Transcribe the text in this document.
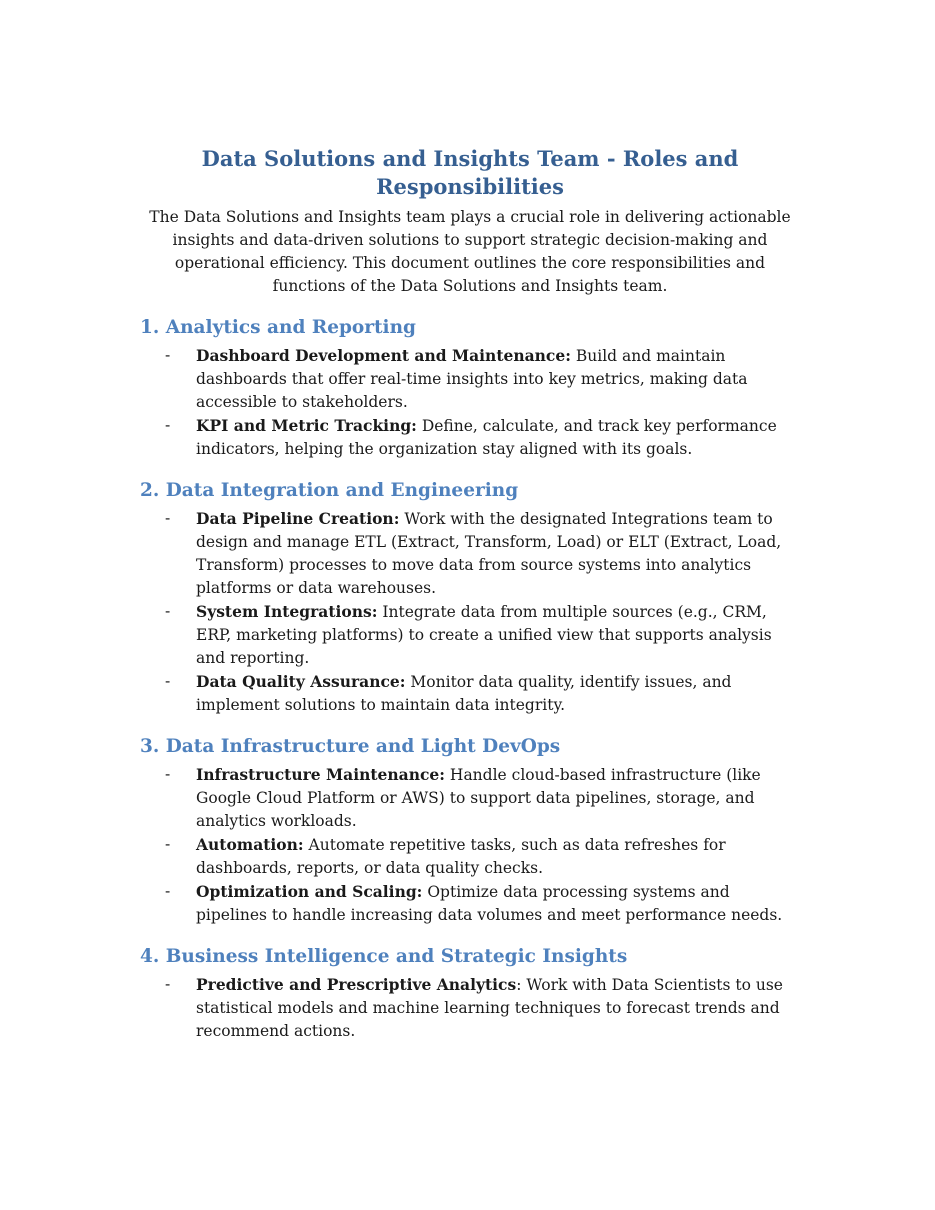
Data Solutions and Insights Team - Roles and Responsibilities

The Data Solutions and Insights team plays a crucial role in delivering actionable insights and data-driven solutions to support strategic decision-making and operational efficiency. This document outlines the core responsibilities and functions of the Data Solutions and Insights team.

1. Analytics and Reporting
-	Dashboard Development and Maintenance: Build and maintain dashboards that offer real-time insights into key metrics, making data accessible to stakeholders.

-	KPI and Metric Tracking: Define, calculate, and track key performance indicators, helping the organization stay aligned with its goals.

2. Data Integration and Engineering
-	Data Pipeline Creation: Work with the designated Integrations team to design and manage ETL (Extract, Transform, Load) or ELT (Extract, Load, Transform) processes to move data from source systems into analytics platforms or data warehouses.

-	System Integrations: Integrate data from multiple sources (e.g., CRM, ERP, marketing platforms) to create a unified view that supports analysis and reporting.

-	Data Quality Assurance: Monitor data quality, identify issues, and implement solutions to maintain data integrity.

3. Data Infrastructure and Light DevOps
-	Infrastructure Maintenance: Handle cloud-based infrastructure (like Google Cloud Platform or AWS) to support data pipelines, storage, and analytics workloads.

-	Automation: Automate repetitive tasks, such as data refreshes for dashboards, reports, or data quality checks.

-	Optimization and Scaling: Optimize data processing systems and pipelines to handle increasing data volumes and meet performance needs.

4. Business Intelligence and Strategic Insights
-	Predictive and Prescriptive Analytics: Work with Data Scientists to use statistical models and machine learning techniques to forecast trends and recommend actions.
